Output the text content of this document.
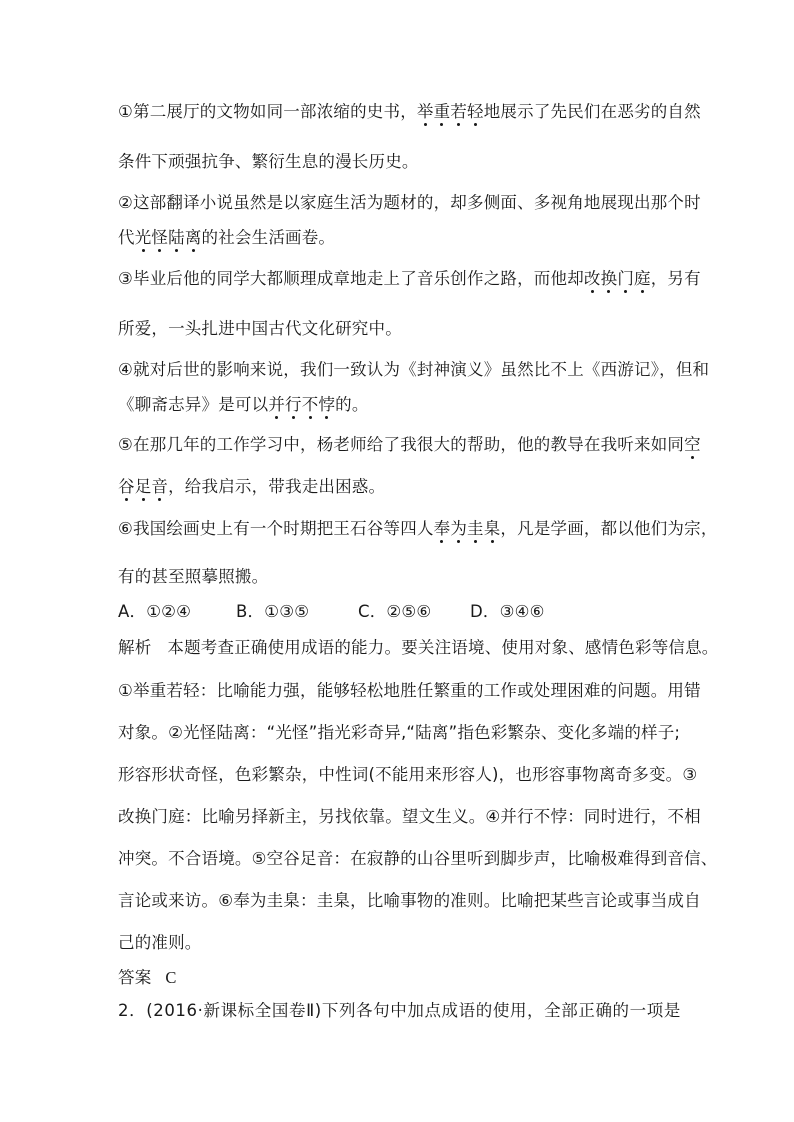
①第二展厅的文物如同一部浓缩的史书，举重若轻地展示了先民们在恶劣的自然
条件下顽强抗争、繁衍生息的漫长历史。
②这部翻译小说虽然是以家庭生活为题材的，却多侧面、多视角地展现出那个时
代光怪陆离的社会生活画卷。
③毕业后他的同学大都顺理成章地走上了音乐创作之路，而他却改换门庭，另有
所爱，一头扎进中国古代文化研究中。
④就对后世的影响来说，我们一致认为《封神演义》虽然比不上《西游记》，但和
《聊斋志异》是可以并行不悖的。
⑤在那几年的工作学习中，杨老师给了我很大的帮助，他的教导在我听来如同空
谷足音，给我启示，带我走出困惑。
⑥我国绘画史上有一个时期把王石谷等四人奉为圭臬，凡是学画，都以他们为宗，
有的甚至照摹照搬。
A．①②④	B．①③⑤	C．②⑤⑥ D．③④⑥
解析 本题考查正确使用成语的能力。要关注语境、使用对象、感情色彩等信息。
①举重若轻：比喻能力强，能够轻松地胜任繁重的工作或处理困难的问题。用错
对象。②光怪陆离：“光怪”指光彩奇异,“陆离”指色彩繁杂、变化多端的样子;
形容形状奇怪，色彩繁杂，中性词(不能用来形容人)，也形容事物离奇多变。③
改换门庭：比喻另择新主，另找依靠。望文生义。④并行不悖：同时进行，不相
冲突。不合语境。⑤空谷足音：在寂静的山谷里听到脚步声，比喻极难得到音信、
言论或来访。⑥奉为圭臬：圭臬，比喻事物的准则。比喻把某些言论或事当成自
己的准则。
答案 C
2．(2016·新课标全国卷Ⅱ)下列各句中加点成语的使用，全部正确的一项是
